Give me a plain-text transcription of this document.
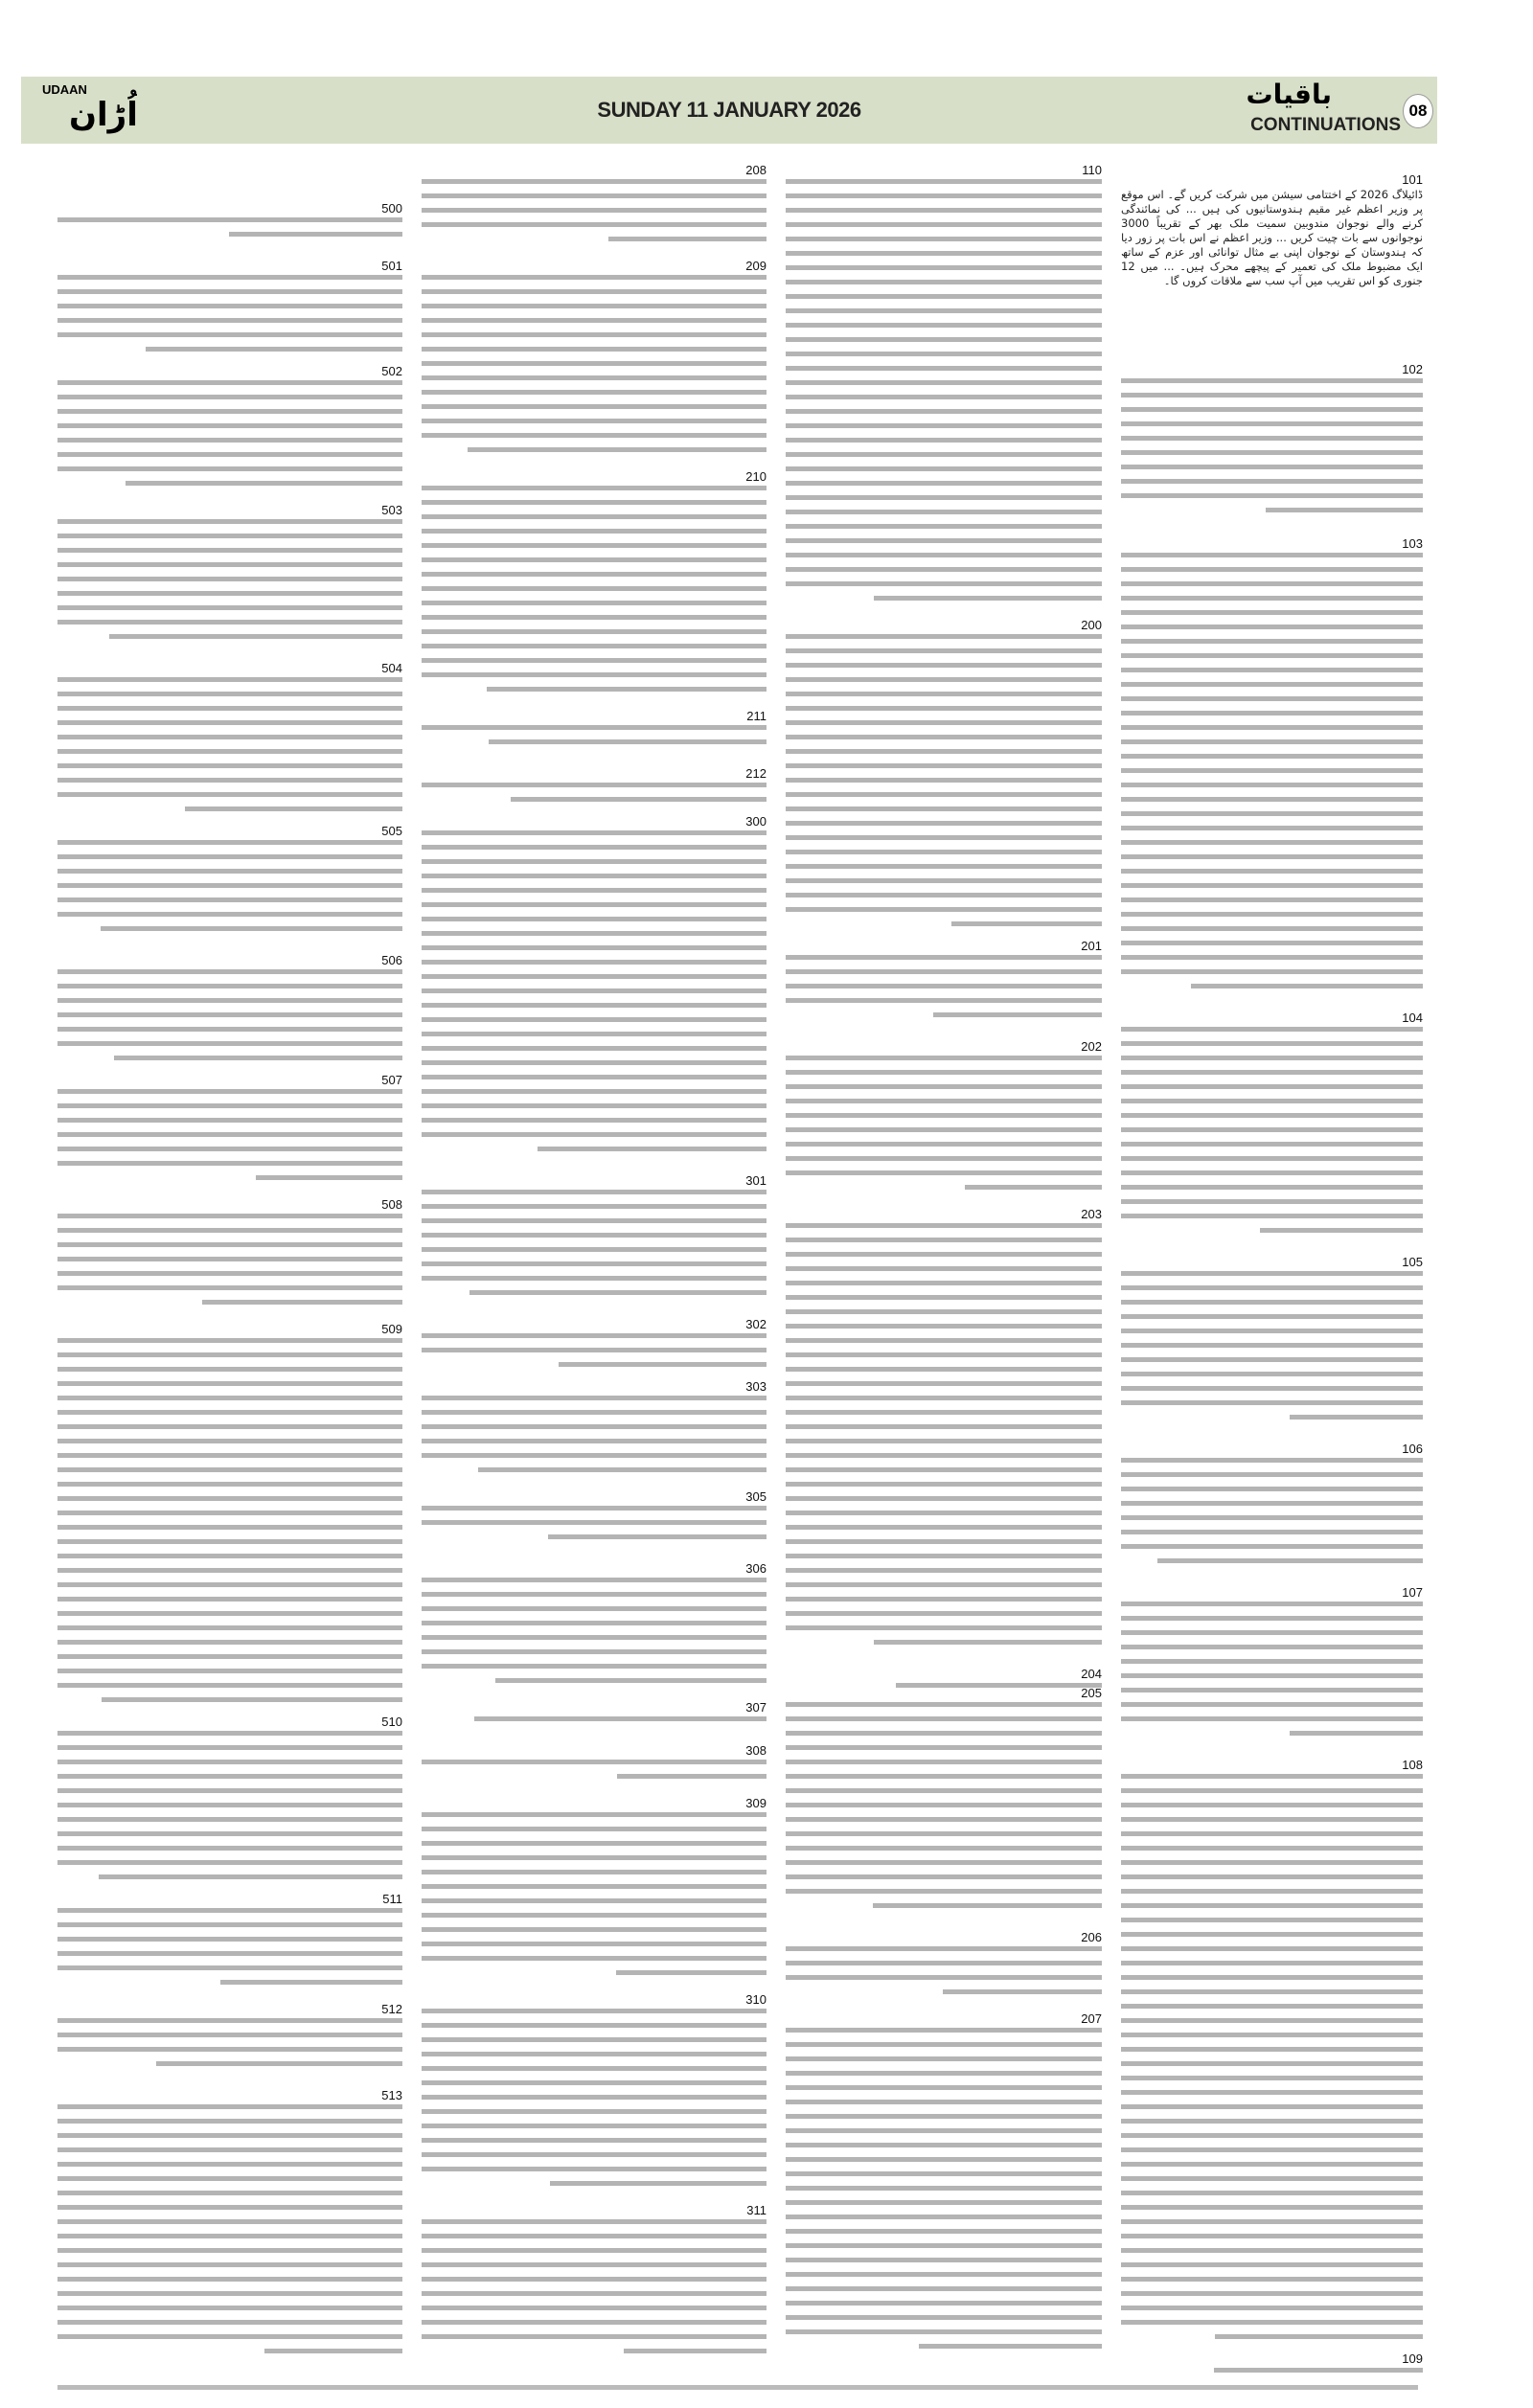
UDAAN
اُڑان	SUNDAY 11 JANUARY 2026	باقیات
CONTINUATIONS
08
101
ڈائیلاگ 2026 کے اختتامی سیشن میں شرکت کریں گے۔ اس موقع پر وزیر اعظم غیر مقیم ہندوستانیوں کی ہیں ... کی نمائندگی کرنے والے نوجوان مندوبین سمیت ملک بھر کے تقریباً 3000 نوجوانوں سے بات چیت کریں ... وزیر اعظم نے اس بات پر زور دیا کہ ہندوستان کے نوجوان اپنی بے مثال توانائی اور عزم کے ساتھ ایک مضبوط ملک کی تعمیر کے پیچھے محرک ہیں۔ ... میں 12 جنوری کو اس تقریب میں آپ سب سے ملاقات کروں گا۔
102
103
104
105
106
107
108
109
110
200
201
202
203
204
205
206
207
208
209
210
211
212
300
301
302
303
305
306
307
308
309
310
311
500
501
502
503
504
505
506
507
508
509
510
511
512
513
